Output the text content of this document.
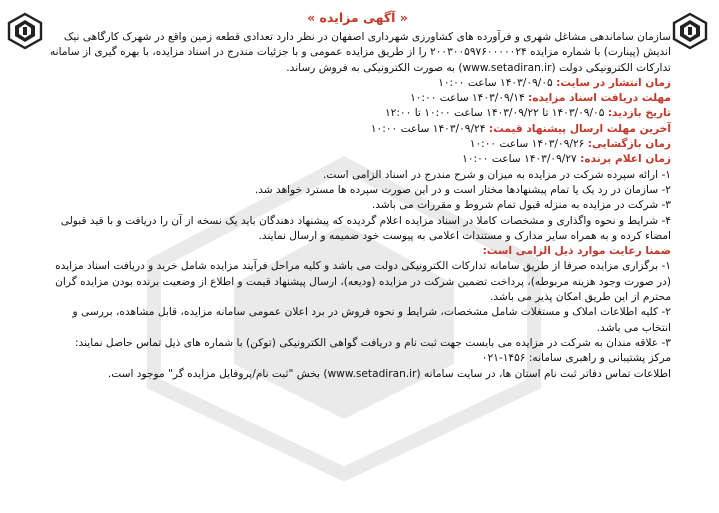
« آگهی مزایده »

سازمان ساماندهی مشاغل شهری و فرآورده های کشاورزی شهرداری اصفهان در نظر دارد تعدادی قطعه زمین واقع در شهرک کارگاهی نیک اندیش (پینارت) با شماره مزایده ۲۰۰۳۰۰۵۹۷۶۰۰۰۰۰۲۴ را از طریق مزایده عمومی و با جزئیات مندرج در اسناد مزایده، با بهره گیری از سامانه تدارکات الکترونیکی دولت (www.setadiran.ir) به صورت الکترونیکی به فروش رساند.

زمان انتشار در سایت: ۱۴۰۳/۰۹/۰۵ ساعت ۱۰:۰۰

مهلت دریافت اسناد مزایده: ۱۴۰۳/۰۹/۱۴ ساعت ۱۰:۰۰

تاریخ بازدید: ۱۴۰۳/۰۹/۰۵ تا ۱۴۰۳/۰۹/۲۲ ساعت ۱۰:۰۰ تا ۱۲:۰۰

آخرین مهلت ارسال پیشنهاد قیمت: ۱۴۰۳/۰۹/۲۴ ساعت ۱۰:۰۰

زمان بازگشایی: ۱۴۰۳/۰۹/۲۶ ساعت ۱۰:۰۰

زمان اعلام برنده: ۱۴۰۳/۰۹/۲۷ ساعت ۱۰:۰۰

۱- ارائه سپرده شرکت در مزایده به میزان و شرح مندرج در اسناد الزامی است.

۲- سازمان در رد یک یا تمام پیشنهادها مختار است و در این صورت سپرده ها مسترد خواهد شد.

۳- شرکت در مزایده به منزله قبول تمام شروط و مقررات می باشد.

۴- شرایط و نحوه واگذاری و مشخصات کاملا در اسناد مزایده اعلام گردیده که پیشنهاد دهندگان باید یک نسخه از آن را دریافت و با قید قبولی امضاء کرده و به همراه سایر مدارک و مستندات اعلامی به پیوست خود ضمیمه و ارسال نمایند.

ضمنا رعایت موارد ذیل الزامی است:

۱- برگزاری مزایده صرفا از طریق سامانه تدارکات الکترونیکی دولت می باشد و کلیه مراحل فرآیند مزایده شامل خرید و دریافت اسناد مزایده (در صورت وجود هزینه مربوطه)، پرداخت تضمین شرکت در مزایده (ودیعه)، ارسال پیشنهاد قیمت و اطلاع از وضعیت برنده بودن مزایده گران محترم از این طریق امکان پذیر می باشد.

۲- کلیه اطلاعات املاک و مستغلات شامل مشخصات، شرایط و نحوه فروش در برد اعلان عمومی سامانه مزایده، قابل مشاهده، بررسی و انتخاب می باشد.

۳- علاقه مندان به شرکت در مزایده می بایست جهت ثبت نام و دریافت گواهی الکترونیکی (توکن) با شماره های ذیل تماس حاصل نمایند:

مرکز پشتیبانی و راهبری سامانه: ۱۴۵۶-۰۲۱

اطلاعات تماس دفاتر ثبت نام استان ها، در سایت سامانه (www.setadiran.ir) بخش "ثبت نام/پروفایل مزایده گر" موجود است.
